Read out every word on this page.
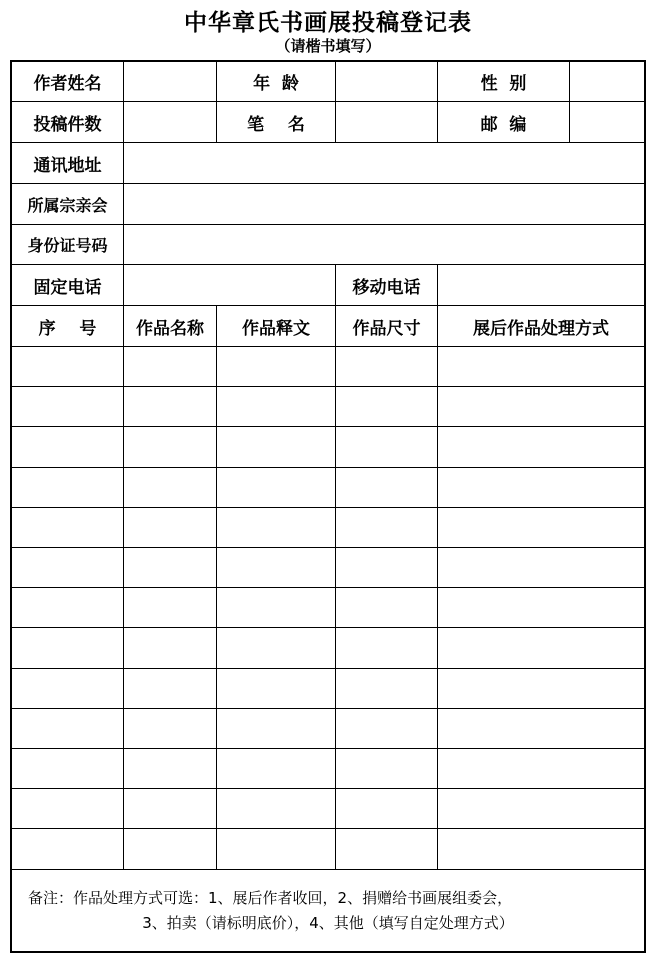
中华章氏书画展投稿登记表
（请楷书填写）
作者姓名	年  龄	性  别
投稿件数	笔    名	邮  编
通讯地址
所属宗亲会
身份证号码
固定电话	移动电话
序    号	作品名称	作品释文	作品尺寸	展后作品处理方式
备注：作品处理方式可选：1、展后作者收回，2、捐赠给书画展组委会，
3、拍卖（请标明底价），4、其他（填写自定处理方式）
